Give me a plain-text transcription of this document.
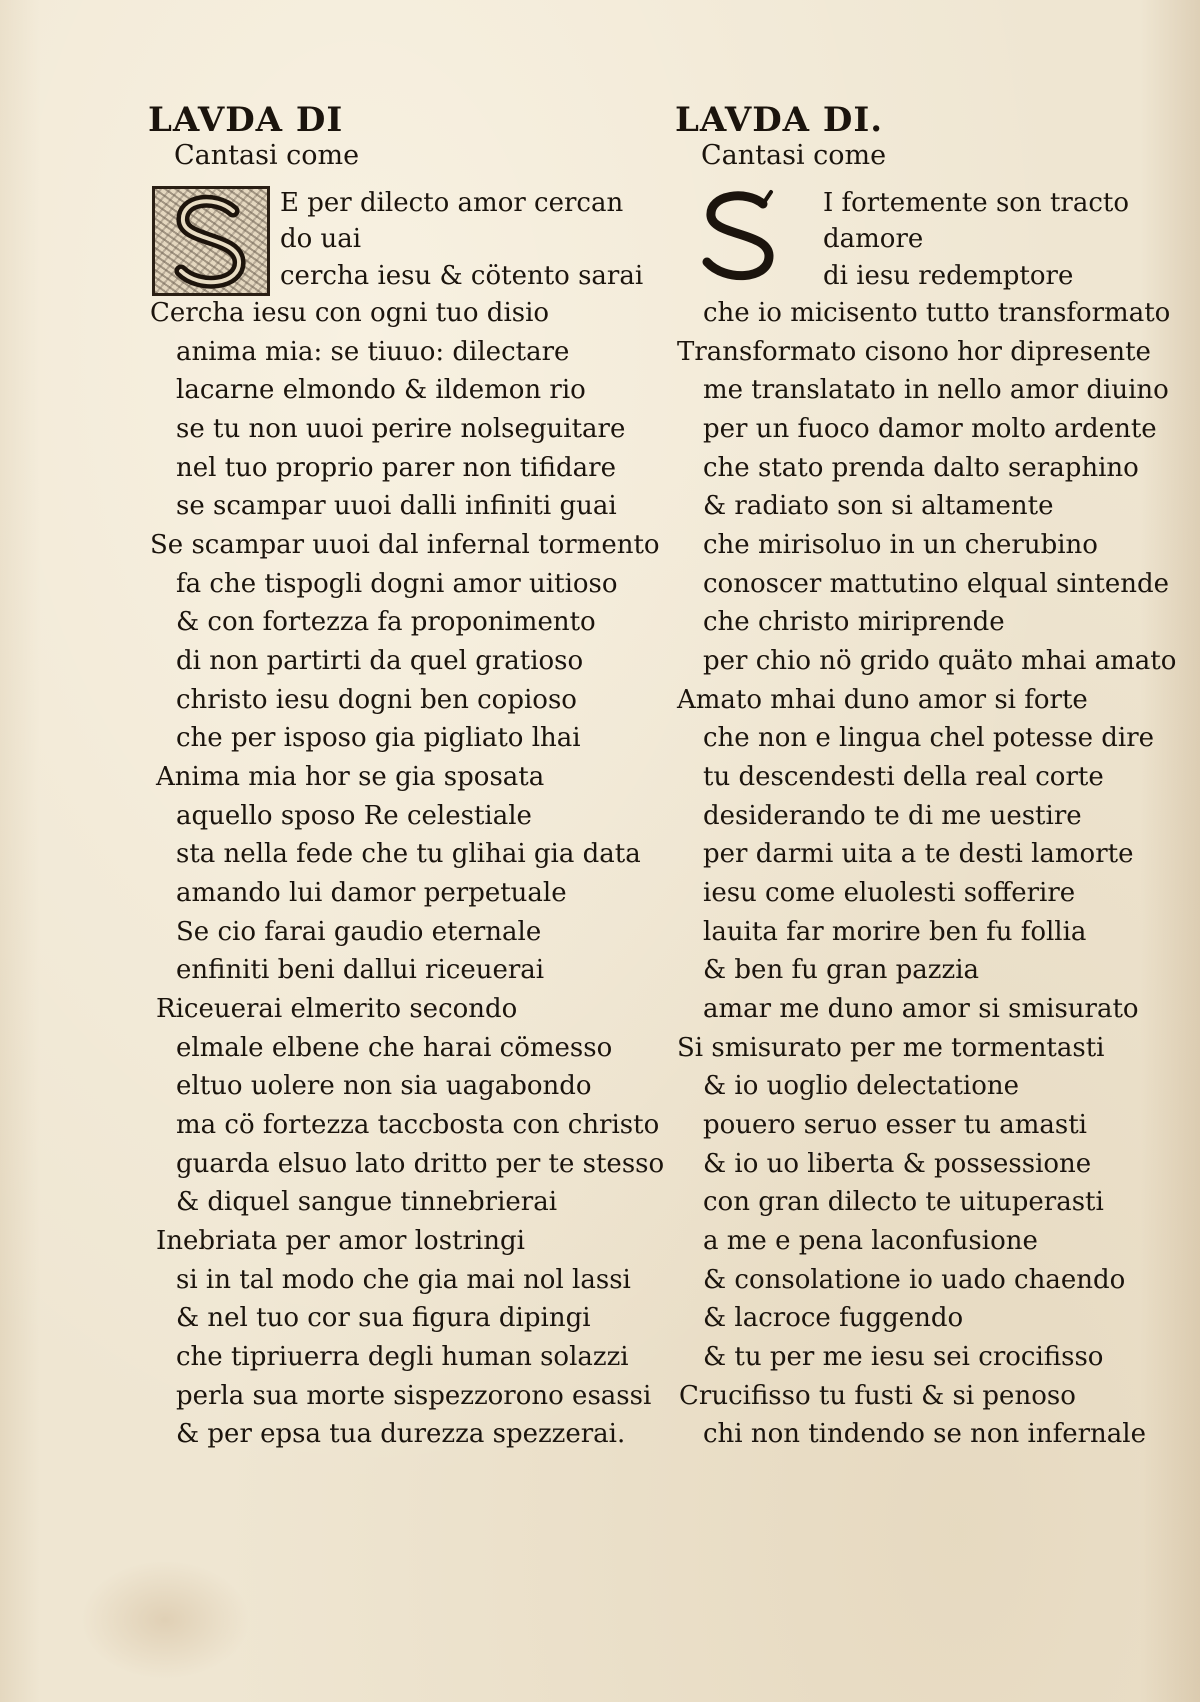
LAVDA DI

Cantasi come

E per dilecto amor cercan
do uai
cercha iesu & cötento sarai
Cercha iesu con ogni tuo disio
anima mia: se tiuuo: dilectare
lacarne elmondo & ildemon rio
se tu non uuoi perire nolseguitare
nel tuo proprio parer non tifidare
se scampar uuoi dalli infiniti guai
Se scampar uuoi dal infernal tormento
fa che tispogli dogni amor uitioso
& con fortezza fa proponimento
di non partirti da quel gratioso
christo iesu dogni ben copioso
che per isposo gia pigliato lhai
Anima mia hor se gia sposata
aquello sposo Re celestiale
sta nella fede che tu glihai gia data
amando lui damor perpetuale
Se cio farai gaudio eternale
enfiniti beni dallui riceuerai
Riceuerai elmerito secondo
elmale elbene che harai cömesso
eltuo uolere non sia uagabondo
ma cö fortezza taccbosta con christo
guarda elsuo lato dritto per te stesso
& diquel sangue tinnebrierai
Inebriata per amor lostringi
si in tal modo che gia mai nol lassi
& nel tuo cor sua figura dipingi
che tipriuerra degli human solazzi
perla sua morte sispezzorono esassi
& per epsa tua durezza spezzerai.
LAVDA DI.

Cantasi come

I fortemente son tracto
damore
di iesu redemptore
che io micisento tutto transformato
Transformato cisono hor dipresente
me translatato in nello amor diuino
per un fuoco damor molto ardente
che stato prenda dalto seraphino
& radiato son si altamente
che mirisoluo in un cherubino
conoscer mattutino elqual sintende
che christo miriprende
per chio nö grido quäto mhai amato
Amato mhai duno amor si forte
che non e lingua chel potesse dire
tu descendesti della real corte
desiderando te di me uestire
per darmi uita a te desti lamorte
iesu come eluolesti sofferire
lauita far morire ben fu follia
& ben fu gran pazzia
amar me duno amor si smisurato
Si smisurato per me tormentasti
& io uoglio delectatione
pouero seruo esser tu amasti
& io uo liberta & possessione
con gran dilecto te uituperasti
a me e pena laconfusione
& consolatione io uado chaendo
& lacroce fuggendo
& tu per me iesu sei crocifisso
Crucifisso tu fusti & si penoso
chi non tindendo se non infernale
